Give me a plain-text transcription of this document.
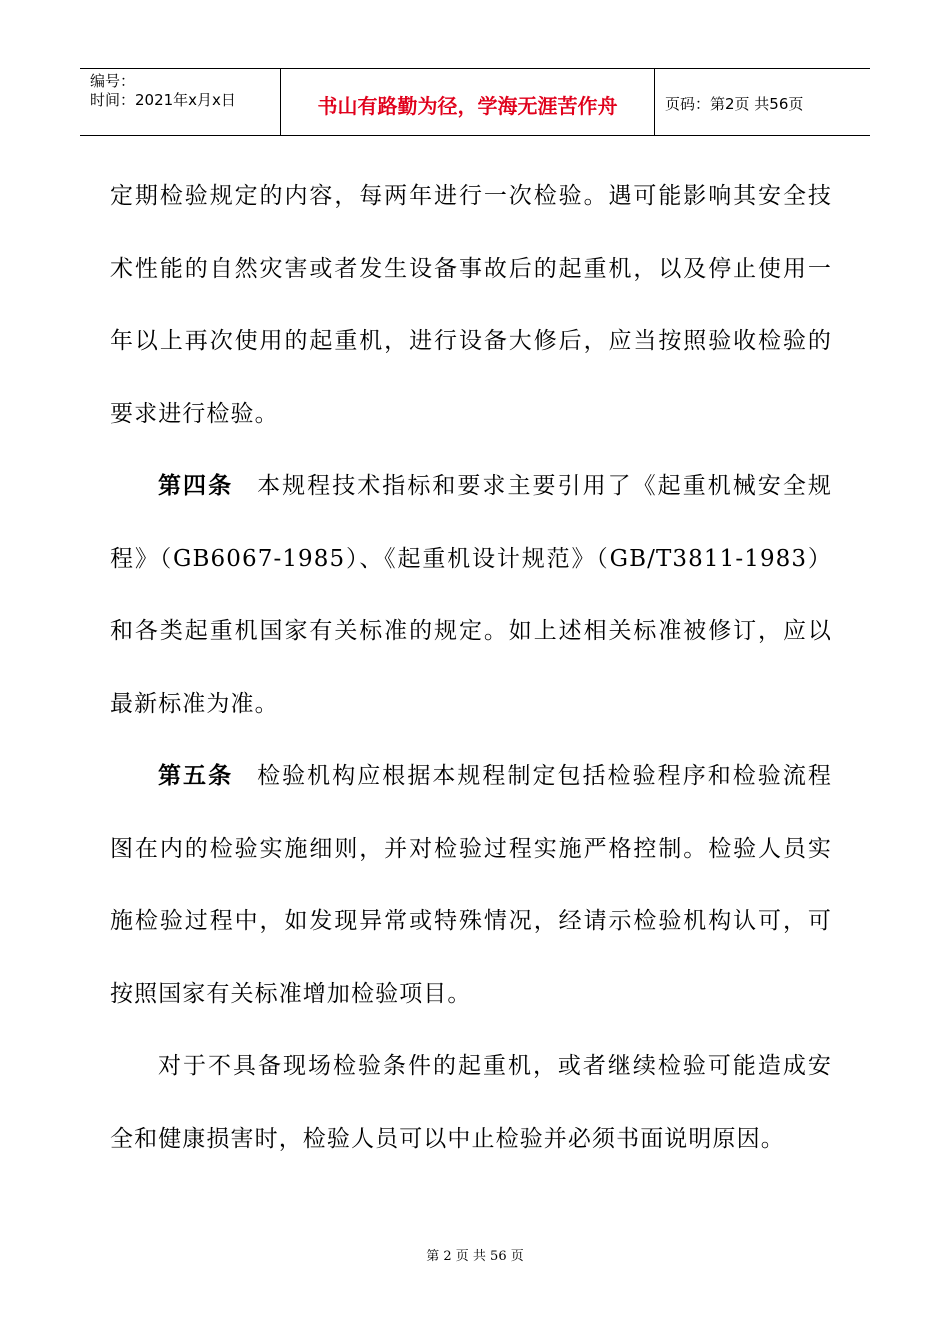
编号：
时间：2021年x月x日	书山有路勤为径，学海无涯苦作舟	页码：第2页 共56页

定期检验规定的内容，每两年进行一次检验。遇可能影响其安全技术性能的自然灾害或者发生设备事故后的起重机，以及停止使用一年以上再次使用的起重机，进行设备大修后，应当按照验收检验的要求进行检验。

第四条 本规程技术指标和要求主要引用了《起重机械安全规程》（GB6067-1985）、《起重机设计规范》（GB/T3811-1983）和各类起重机国家有关标准的规定。如上述相关标准被修订，应以最新标准为准。

第五条 检验机构应根据本规程制定包括检验程序和检验流程图在内的检验实施细则，并对检验过程实施严格控制。检验人员实施检验过程中，如发现异常或特殊情况，经请示检验机构认可，可按照国家有关标准增加检验项目。

对于不具备现场检验条件的起重机，或者继续检验可能造成安全和健康损害时，检验人员可以中止检验并必须书面说明原因。

第 2 页 共 56 页
